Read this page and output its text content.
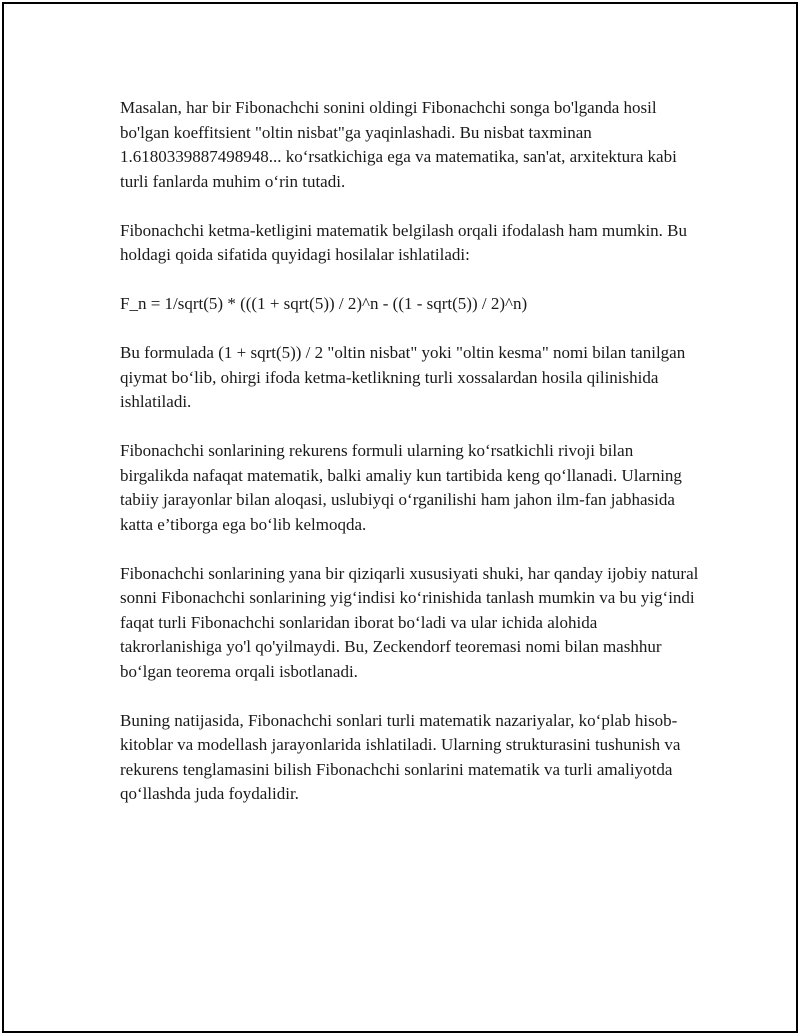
Masalan, har bir Fibonachchi sonini oldingi Fibonachchi songa bo'lganda hosil bo'lgan koeffitsient "oltin nisbat"ga yaqinlashadi. Bu nisbat taxminan 1.6180339887498948... ko‘rsatkichiga ega va matematika, san'at, arxitektura kabi turli fanlarda muhim o‘rin tutadi.

Fibonachchi ketma-ketligini matematik belgilash orqali ifodalash ham mumkin. Bu holdagi qoida sifatida quyidagi hosilalar ishlatiladi:

F_n = 1/sqrt(5) * (((1 + sqrt(5)) / 2)^n - ((1 - sqrt(5)) / 2)^n)

Bu formulada (1 + sqrt(5)) / 2 "oltin nisbat" yoki "oltin kesma" nomi bilan tanilgan qiymat bo‘lib, ohirgi ifoda ketma-ketlikning turli xossalardan hosila qilinishida ishlatiladi.

Fibonachchi sonlarining rekurens formuli ularning ko‘rsatkichli rivoji bilan birgalikda nafaqat matematik, balki amaliy kun tartibida keng qo‘llanadi. Ularning tabiiy jarayonlar bilan aloqasi, uslubiyqi o‘rganilishi ham jahon ilm-fan jabhasida katta e’tiborga ega bo‘lib kelmoqda.

Fibonachchi sonlarining yana bir qiziqarli xususiyati shuki, har qanday ijobiy natural sonni Fibonachchi sonlarining yig‘indisi ko‘rinishida tanlash mumkin va bu yig‘indi faqat turli Fibonachchi sonlaridan iborat bo‘ladi va ular ichida alohida takrorlanishiga yo'l qo'yilmaydi. Bu, Zeckendorf teoremasi nomi bilan mashhur bo‘lgan teorema orqali isbotlanadi.

Buning natijasida, Fibonachchi sonlari turli matematik nazariyalar, ko‘plab hisob-kitoblar va modellash jarayonlarida ishlatiladi. Ularning strukturasini tushunish va rekurens tenglamasini bilish Fibonachchi sonlarini matematik va turli amaliyotda qo‘llashda juda foydalidir.
